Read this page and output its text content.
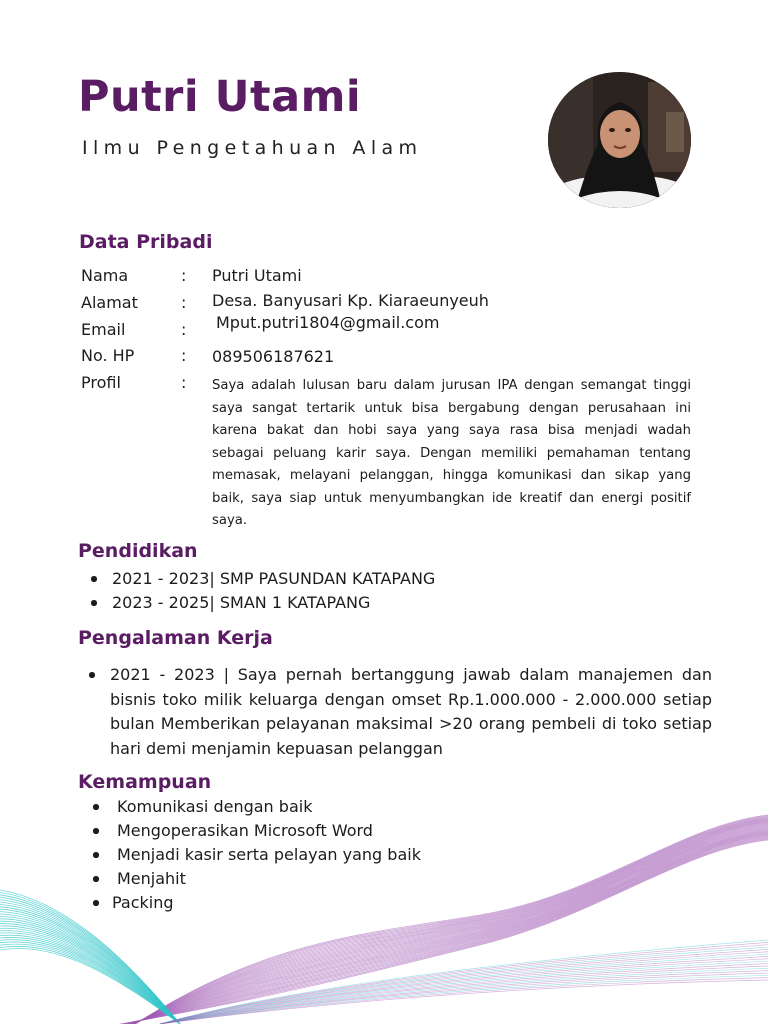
Putri Utami

Ilmu Pengetahuan Alam

Data Pribadi
Nama	: Putri Utami
Alamat	: Desa. Banyusari Kp. Kiaraeunyeuh
Email	: Mput.putri1804@gmail.com
No. HP	: 089506187621
Profil	: Saya adalah lulusan baru dalam jurusan IPA dengan semangat tinggi saya sangat tertarik untuk bisa bergabung dengan perusahaan ini karena bakat dan hobi saya yang saya rasa bisa menjadi wadah sebagai peluang karir saya. Dengan memiliki pemahaman tentang memasak, melayani pelanggan, hingga komunikasi dan sikap yang baik, saya siap untuk menyumbangkan ide kreatif dan energi positif saya.

Pendidikan
2021 - 2023| SMP PASUNDAN KATAPANG
2023 - 2025| SMAN 1 KATAPANG
Pengalaman Kerja
2021 - 2023 | Saya pernah bertanggung jawab dalam manajemen dan bisnis toko milik keluarga dengan omset Rp.1.000.000 - 2.000.000 setiap bulan Memberikan pelayanan maksimal >20 orang pembeli di toko setiap hari demi menjamin kepuasan pelanggan
Kemampuan
Komunikasi dengan baik
Mengoperasikan Microsoft Word
Menjadi kasir serta pelayan yang baik
Menjahit
Packing
